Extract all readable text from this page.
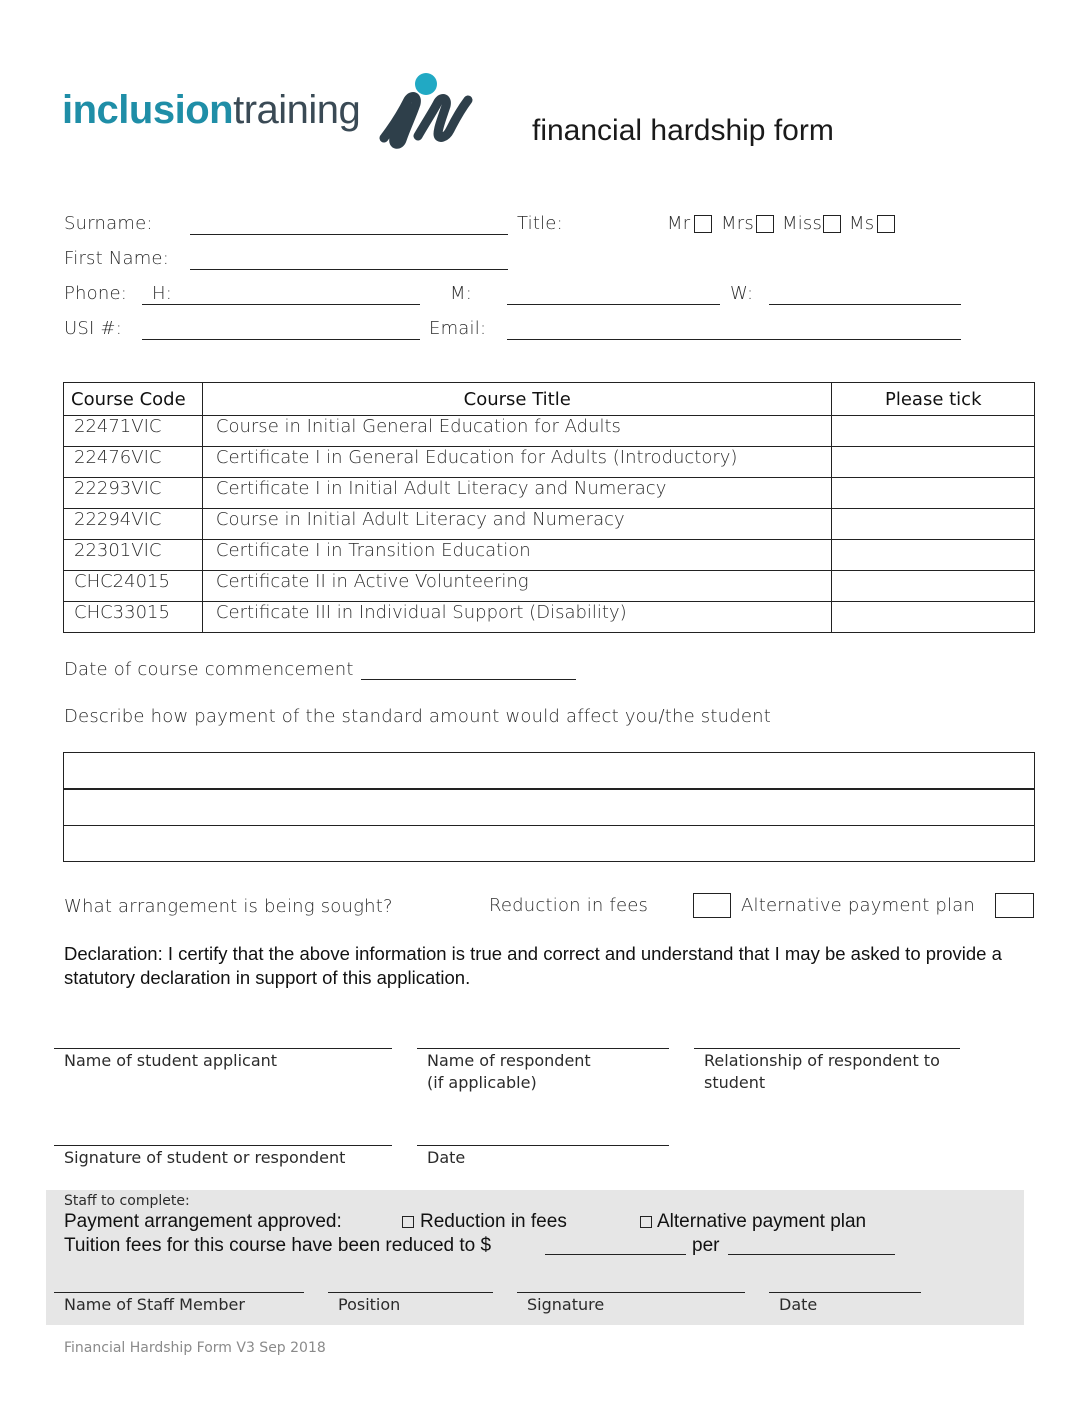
inclusiontraining	financial hardship form
Surname:	Title:	Mr Mrs Miss Ms
First Name:
Phone: H:	M:	W:
USI #:	Email:
Course Code	Course Title	Please tick
22471VIC	Course in Initial General Education for Adults	
22476VIC	Certificate I in General Education for Adults (Introductory)	
22293VIC	Certificate I in Initial Adult Literacy and Numeracy	
22294VIC	Course in Initial Adult Literacy and Numeracy	
22301VIC	Certificate I in Transition Education	
CHC24015	Certificate II in Active Volunteering	
CHC33015	Certificate III in Individual Support (Disability)	
Date of course commencement
Describe how payment of the standard amount would affect you/the student
What arrangement is being sought?	Reduction in fees	Alternative payment plan
Declaration: I certify that the above information is true and correct and understand that I may be asked to provide a statutory declaration in support of this application.
Name of student applicant	Name of respondent
(if applicable)
Relationship of respondent to
student
Signature of student or respondent	Date
Staff to complete:
Payment arrangement approved:	Reduction in fees	Alternative payment plan
Tuition fees for this course have been reduced to $	per
Name of Staff Member	Position	Signature	Date
Financial Hardship Form V3 Sep 2018
